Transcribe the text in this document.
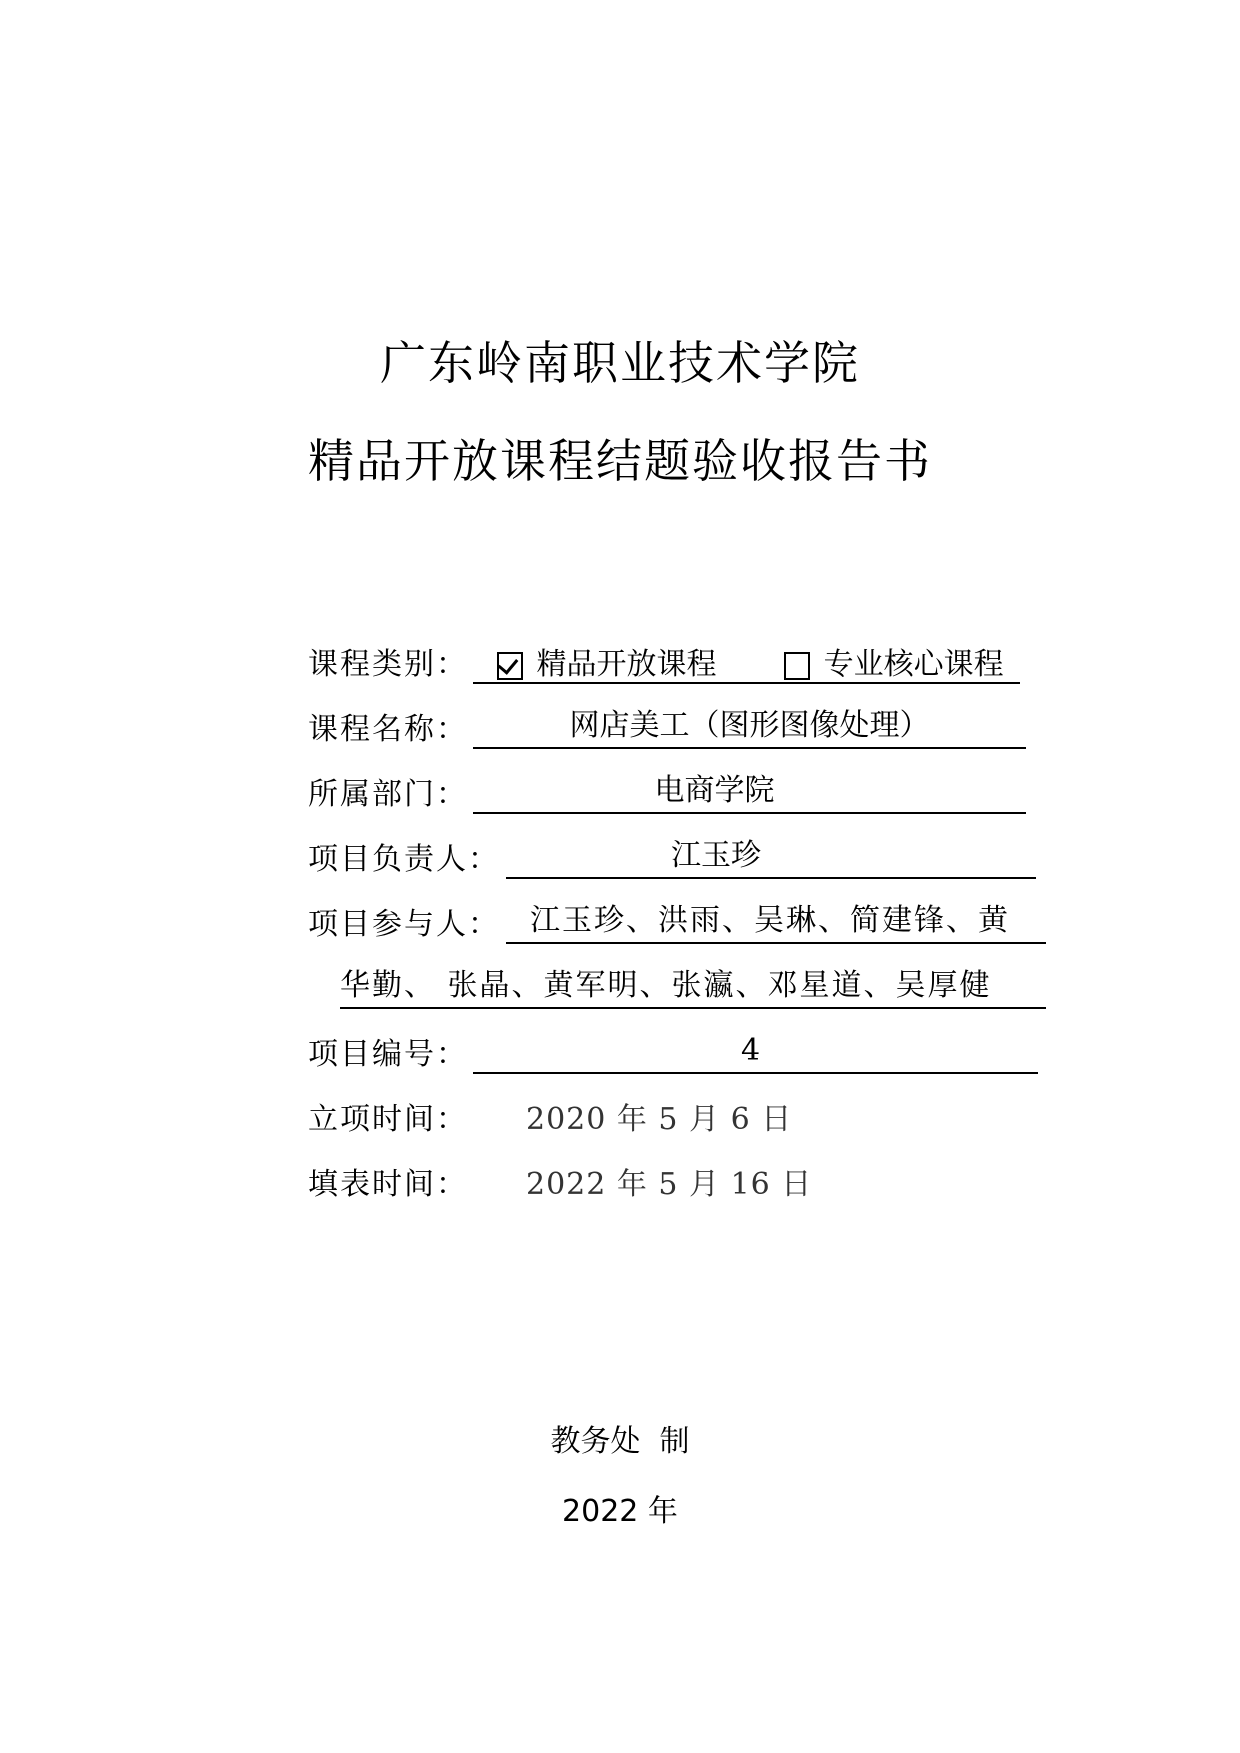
广东岭南职业技术学院
精品开放课程结题验收报告书
课程类别：	精品开放课程	专业核心课程
课程名称：	网店美工（图形图像处理）
所属部门：	电商学院
项目负责人：	江玉珍
项目参与人：	江玉珍、洪雨、吴琳、简建锋、黄
华勤、 张晶、黄军明、张瀛、邓星道、吴厚健
项目编号：	4
立项时间： 2020 年 5 月 6 日
填表时间： 2022 年 5 月 16 日
教务处  制
2022 年
